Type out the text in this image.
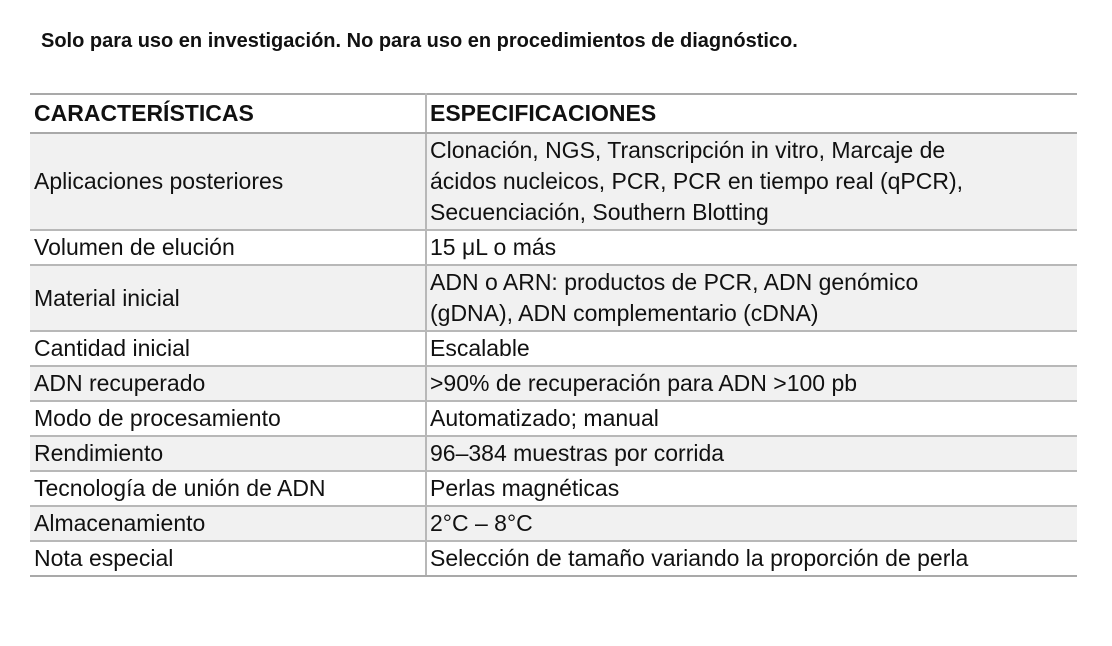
Solo para uso en investigación. No para uso en procedimientos de diagnóstico.
CARACTERÍSTICAS	ESPECIFICACIONES
Aplicaciones posteriores	Clonación, NGS, Transcripción in vitro, Marcaje de
ácidos nucleicos, PCR, PCR en tiempo real (qPCR),
Secuenciación, Southern Blotting

Volumen de elución	15 μL o más

Material inicial	ADN o ARN: productos de PCR, ADN genómico
(gDNA), ADN complementario (cDNA)

Cantidad inicial	Escalable

ADN recuperado	>90% de recuperación para ADN >100 pb

Modo de procesamiento	Automatizado; manual

Rendimiento	96–384 muestras por corrida

Tecnología de unión de ADN	Perlas magnéticas

Almacenamiento	2°C – 8°C

Nota especial	Selección de tamaño variando la proporción de perla
